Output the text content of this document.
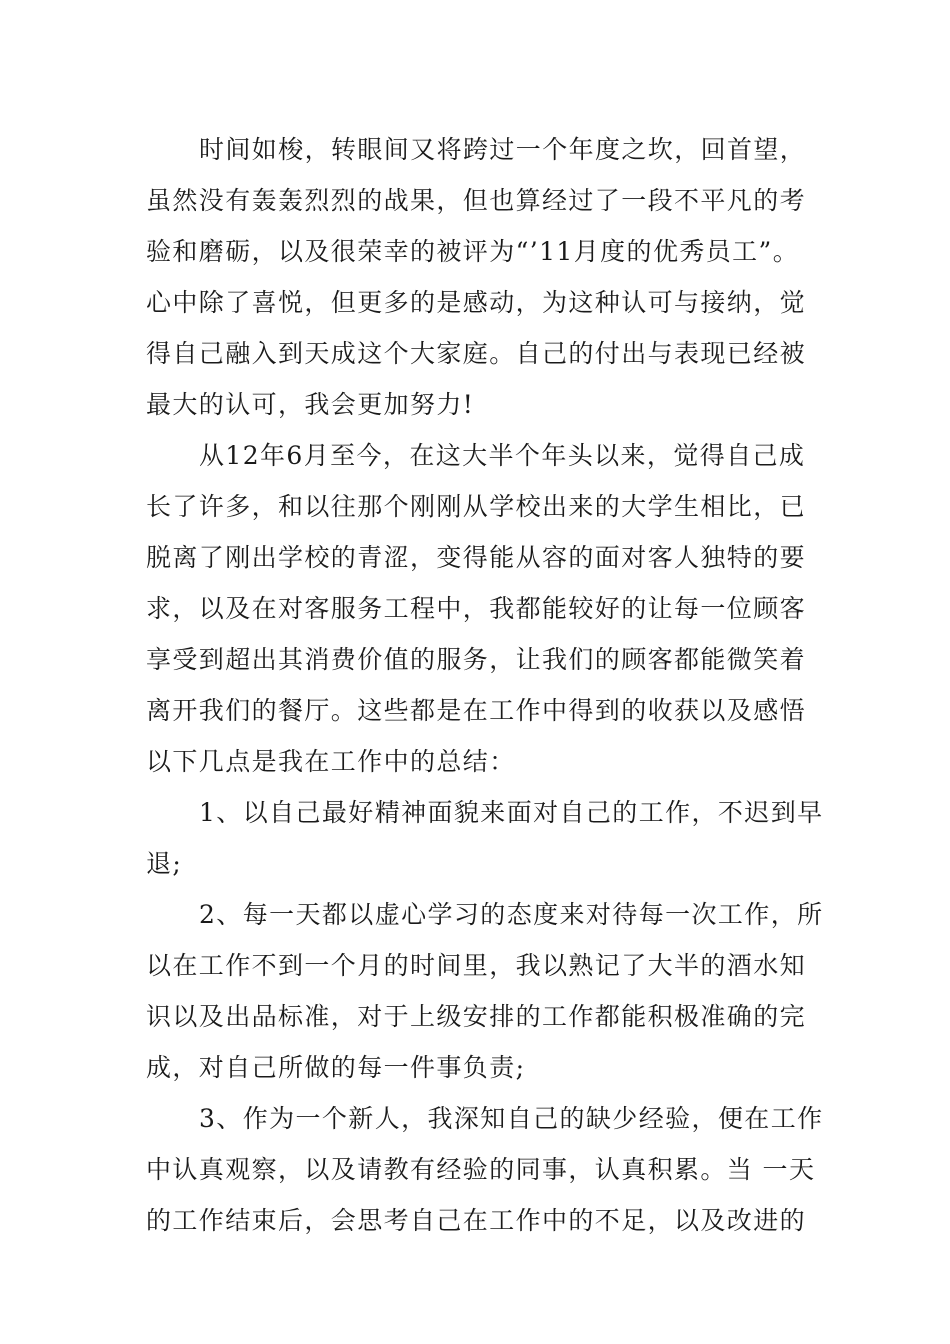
时间如梭，转眼间又将跨过一个年度之坎，回首望，
虽然没有轰轰烈烈的战果，但也算经过了一段不平凡的考
验和磨砺，以及很荣幸的被评为“’11月度的优秀员工”。
心中除了喜悦，但更多的是感动，为这种认可与接纳，觉
得自己融入到天成这个大家庭。自己的付出与表现已经被
最大的认可，我会更加努力!
从12年6月至今，在这大半个年头以来，觉得自己成
长了许多，和以往那个刚刚从学校出来的大学生相比，已
脱离了刚出学校的青涩，变得能从容的面对客人独特的要
求，以及在对客服务工程中，我都能较好的让每一位顾客
享受到超出其消费价值的服务，让我们的顾客都能微笑着
离开我们的餐厅。这些都是在工作中得到的收获以及感悟
以下几点是我在工作中的总结：
1、以自己最好精神面貌来面对自己的工作，不迟到早
退;
2、每一天都以虚心学习的态度来对待每一次工作，所
以在工作不到一个月的时间里，我以熟记了大半的酒水知
识以及出品标准，对于上级安排的工作都能积极准确的完
成，对自己所做的每一件事负责;
3、作为一个新人，我深知自己的缺少经验，便在工作
中认真观察，以及请教有经验的同事，认真积累。当 一天
的工作结束后，会思考自己在工作中的不足，以及改进的
